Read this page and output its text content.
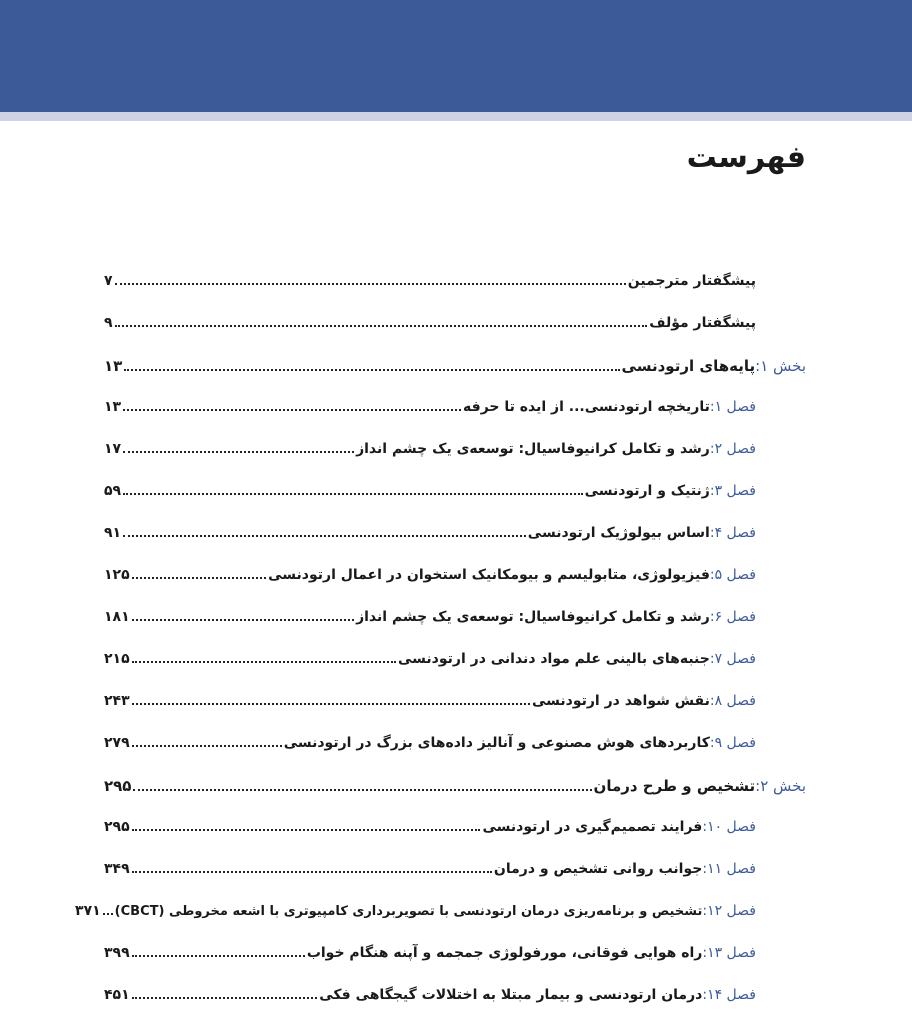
فهرست
پیشگفتار مترجمین
۷
پیشگفتار مؤلف
۹
بخش ۱:
پایه‌های ارتودنسی
۱۳
فصل ۱:
تاریخچه ارتودنسی... از ایده تا حرفه
۱۳
فصل ۲:
رشد و تکامل کرانیوفاسیال: توسعه‌ی یک چشم انداز
۱۷
فصل ۳:
ژنتیک و ارتودنسی
۵۹
فصل ۴:
اساس بیولوژیک ارتودنسی
۹۱
فصل ۵:
فیزیولوژی، متابولیسم و بیومکانیک استخوان در اعمال ارتودنسی
۱۲۵
فصل ۶:
رشد و تکامل کرانیوفاسیال: توسعه‌ی یک چشم انداز
۱۸۱
فصل ۷:
جنبه‌های بالینی علم مواد دندانی در ارتودنسی
۲۱۵
فصل ۸:
نقش شواهد در ارتودنسی
۲۴۳
فصل ۹:
کاربردهای هوش مصنوعی و آنالیز داده‌های بزرگ در ارتودنسی
۲۷۹
بخش ۲:
تشخیص و طرح درمان
۲۹۵
فصل ۱۰:
فرایند تصمیم‌گیری در ارتودنسی
۲۹۵
فصل ۱۱:
جوانب روانی تشخیص و درمان
۳۴۹
فصل ۱۲:
تشخیص و برنامه‌ریزی درمان ارتودنسی با تصویربرداری کامپیوتری با اشعه مخروطی (CBCT)
۳۷۱
فصل ۱۳:
راه هوایی فوقانی، مورفولوژی جمجمه و آپنه هنگام خواب
۳۹۹
فصل ۱۴:
درمان ارتودنسی و بیمار مبتلا به اختلالات گیجگاهی فکی
۴۵۱
